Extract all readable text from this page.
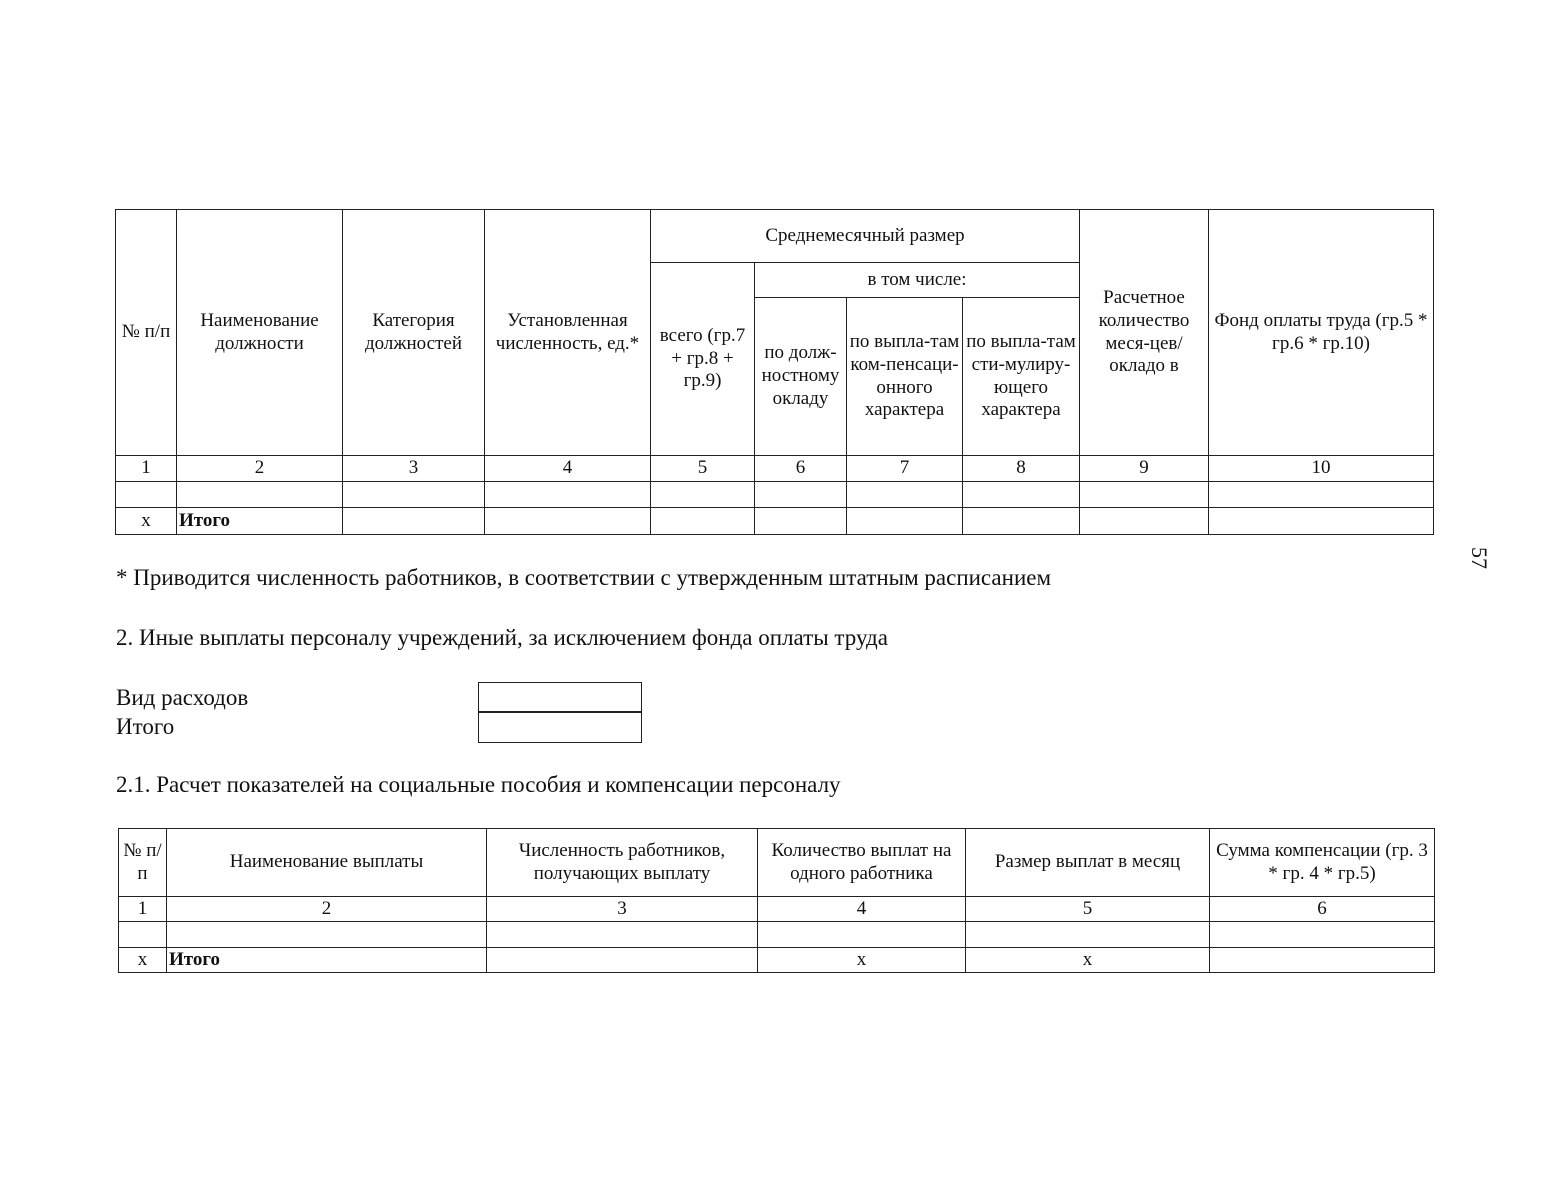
№ п/п	Наименование должности	Категория должностей	Установленная численность, ед.*	Среднемесячный размер				Расчетное количество меся-цев/окладо в	Фонд оплаты труда (гр.5 * гр.6 * гр.10)
				всего (гр.7 + гр.8 + гр.9)	в том числе:				
					по долж-ностному окладу	по выпла-там ком-пенсаци-онного характера	по выпла-там сти-мулиру-ющего характера		
1	2	3	4	5	6	7	8	9	10

х	Итого								
* Приводится численность работников, в соответствии с утвержденным штатным расписанием
2. Иные выплаты персоналу учреждений, за исключением фонда оплаты труда
Вид расходов
Итого
2.1. Расчет показателей на социальные пособия и компенсации персоналу
№ п/п	Наименование выплаты	Численность работников, получающих выплату	Количество выплат на одного работника	Размер выплат в месяц	Сумма компенсации (гр. 3 * гр. 4 * гр.5)
1	2	3	4	5	6

х	Итого		х	х	
57
